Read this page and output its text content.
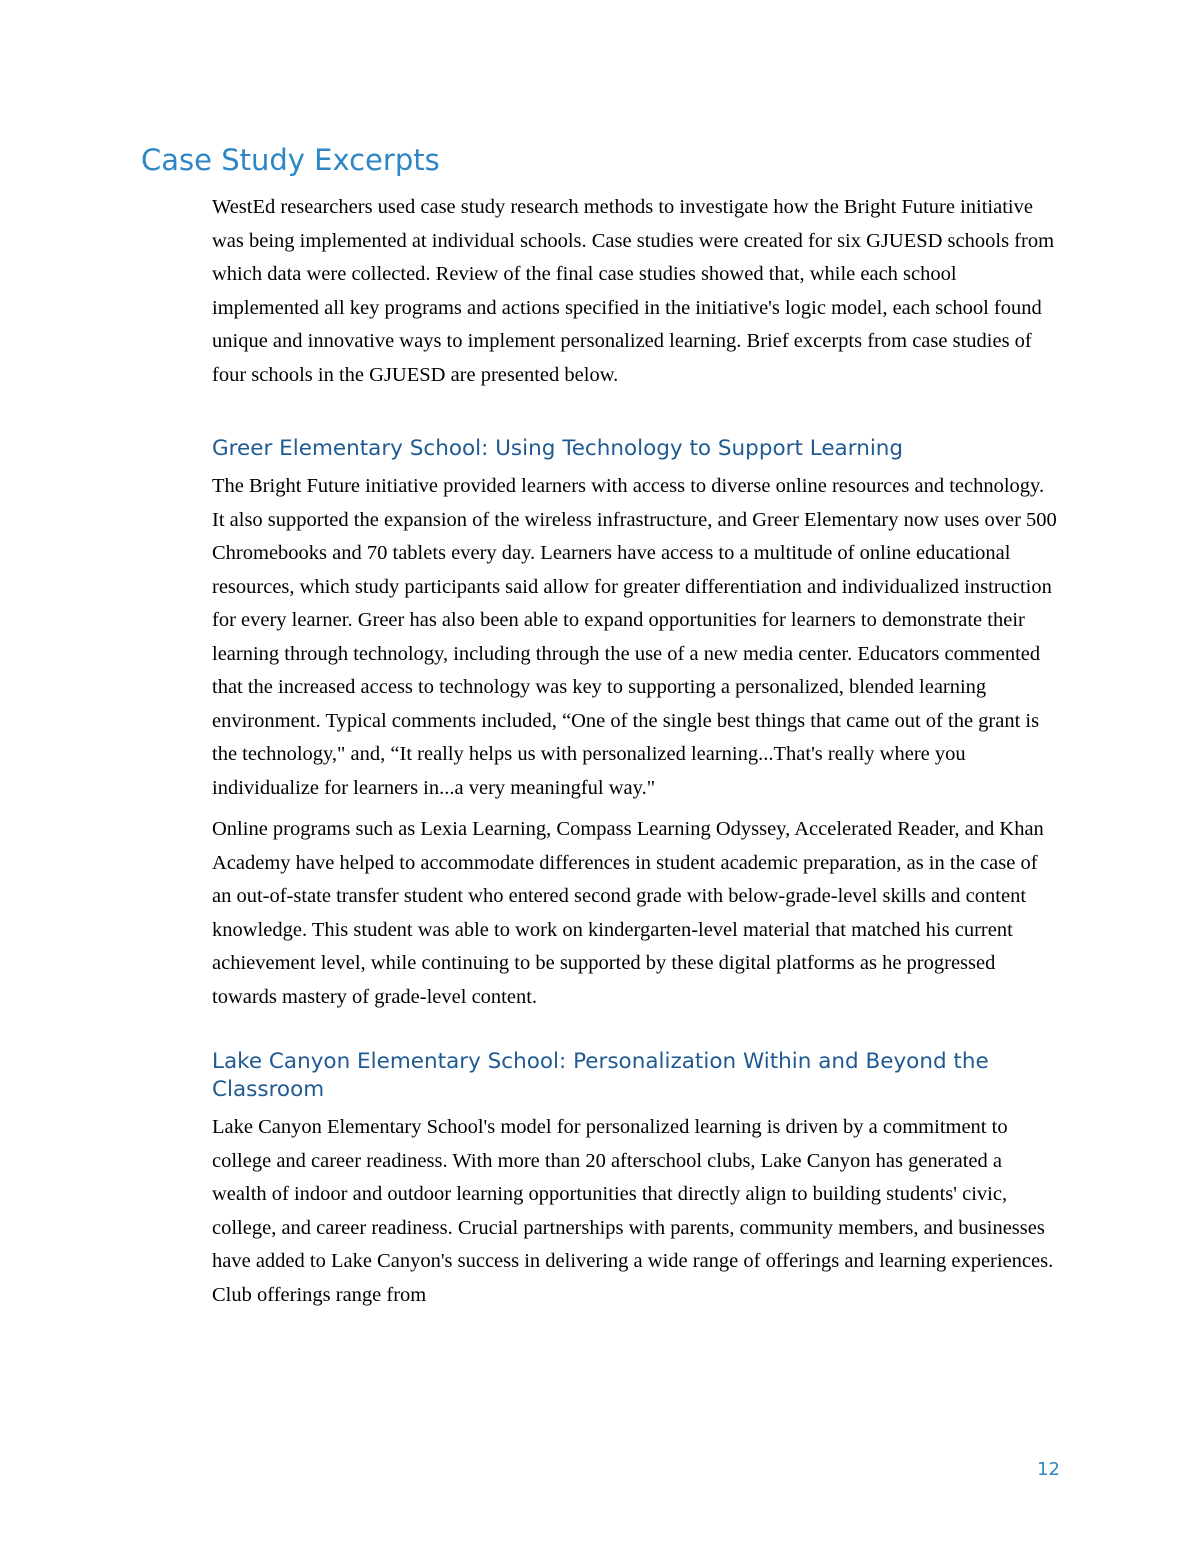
Case Study Excerpts

WestEd researchers used case study research methods to investigate how the Bright Future initiative was being implemented at individual schools. Case studies were created for six GJUESD schools from which data were collected. Review of the final case studies showed that, while each school implemented all key programs and actions specified in the initiative's logic model, each school found unique and innovative ways to implement personalized learning. Brief excerpts from case studies of four schools in the GJUESD are presented below.

Greer Elementary School: Using Technology to Support Learning

The Bright Future initiative provided learners with access to diverse online resources and technology. It also supported the expansion of the wireless infrastructure, and Greer Elementary now uses over 500 Chromebooks and 70 tablets every day. Learners have access to a multitude of online educational resources, which study participants said allow for greater differentiation and individualized instruction for every learner. Greer has also been able to expand opportunities for learners to demonstrate their learning through technology, including through the use of a new media center. Educators commented that the increased access to technology was key to supporting a personalized, blended learning environment. Typical comments included, “One of the single best things that came out of the grant is the technology," and, “It really helps us with personalized learning...That's really where you individualize for learners in...a very meaningful way."

Online programs such as Lexia Learning, Compass Learning Odyssey, Accelerated Reader, and Khan Academy have helped to accommodate differences in student academic preparation, as in the case of an out-of-state transfer student who entered second grade with below-grade-level skills and content knowledge. This student was able to work on kindergarten-level material that matched his current achievement level, while continuing to be supported by these digital platforms as he progressed towards mastery of grade-level content.

Lake Canyon Elementary School: Personalization Within and Beyond the Classroom

Lake Canyon Elementary School's model for personalized learning is driven by a commitment to college and career readiness. With more than 20 afterschool clubs, Lake Canyon has generated a wealth of indoor and outdoor learning opportunities that directly align to building students' civic, college, and career readiness. Crucial partnerships with parents, community members, and businesses have added to Lake Canyon's success in delivering a wide range of offerings and learning experiences. Club offerings range from

12
